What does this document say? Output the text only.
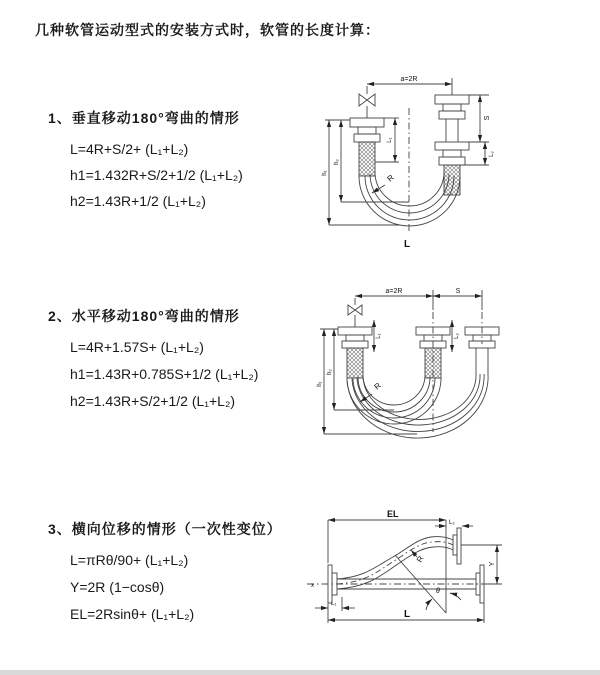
几种软管运动型式的安装方式时，软管的长度计算：
1、垂直移动180°弯曲的情形
L=4R+S/2+ (L₁+L₂)
h1=1.432R+S/2+1/2 (L₁+L₂)
h2=1.43R+1/2 (L₁+L₂)
2、水平移动180°弯曲的情形
L=4R+1.57S+ (L₁+L₂)
h1=1.43R+0.785S+1/2 (L₁+L₂)
h2=1.43R+S/2+1/2 (L₁+L₂)
3、横向位移的情形（一次性变位）
L=πRθ/90+ (L₁+L₂)
Y=2R (1−cosθ)
EL=2Rsinθ+ (L₁+L₂)
a=2R
S
L₂
L₁
h₁
h₂
R
L
a=2R	S
L₁	L₂
h₁
h₂
R
EL
L₂
Y
R
θ
L₁
L
x
